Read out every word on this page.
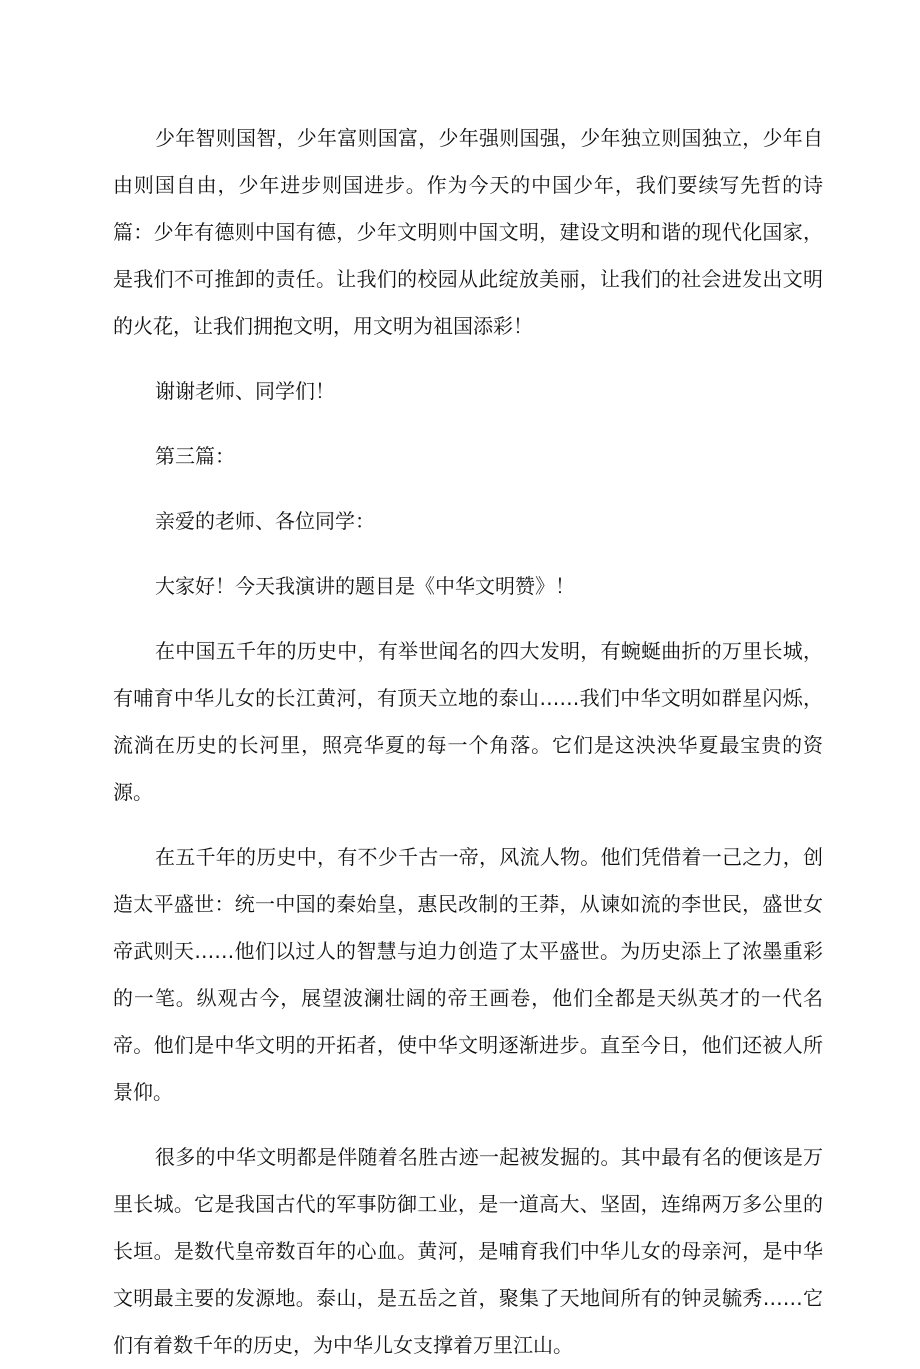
少年智则国智，少年富则国富，少年强则国强，少年独立则国独立，少年自由则国自由，少年进步则国进步。作为今天的中国少年，我们要续写先哲的诗篇：少年有德则中国有德，少年文明则中国文明，建设文明和谐的现代化国家，是我们不可推卸的责任。让我们的校园从此绽放美丽，让我们的社会进发出文明的火花，让我们拥抱文明，用文明为祖国添彩！

谢谢老师、同学们！

第三篇：

亲爱的老师、各位同学：

大家好！今天我演讲的题目是《中华文明赞》！

在中国五千年的历史中，有举世闻名的四大发明，有蜿蜒曲折的万里长城，有哺育中华儿女的长江黄河，有顶天立地的泰山……我们中华文明如群星闪烁，流淌在历史的长河里，照亮华夏的每一个角落。它们是这泱泱华夏最宝贵的资源。

在五千年的历史中，有不少千古一帝，风流人物。他们凭借着一己之力，创造太平盛世：统一中国的秦始皇，惠民改制的王莽，从谏如流的李世民，盛世女帝武则天……他们以过人的智慧与迫力创造了太平盛世。为历史添上了浓墨重彩的一笔。纵观古今，展望波澜壮阔的帝王画卷，他们全都是天纵英才的一代名帝。他们是中华文明的开拓者，使中华文明逐渐进步。直至今日，他们还被人所景仰。

很多的中华文明都是伴随着名胜古迹一起被发掘的。其中最有名的便该是万里长城。它是我国古代的军事防御工业，是一道高大、坚固，连绵两万多公里的长垣。是数代皇帝数百年的心血。黄河，是哺育我们中华儿女的母亲河，是中华文明最主要的发源地。泰山，是五岳之首，聚集了天地间所有的钟灵毓秀……它们有着数千年的历史，为中华儿女支撑着万里江山。
